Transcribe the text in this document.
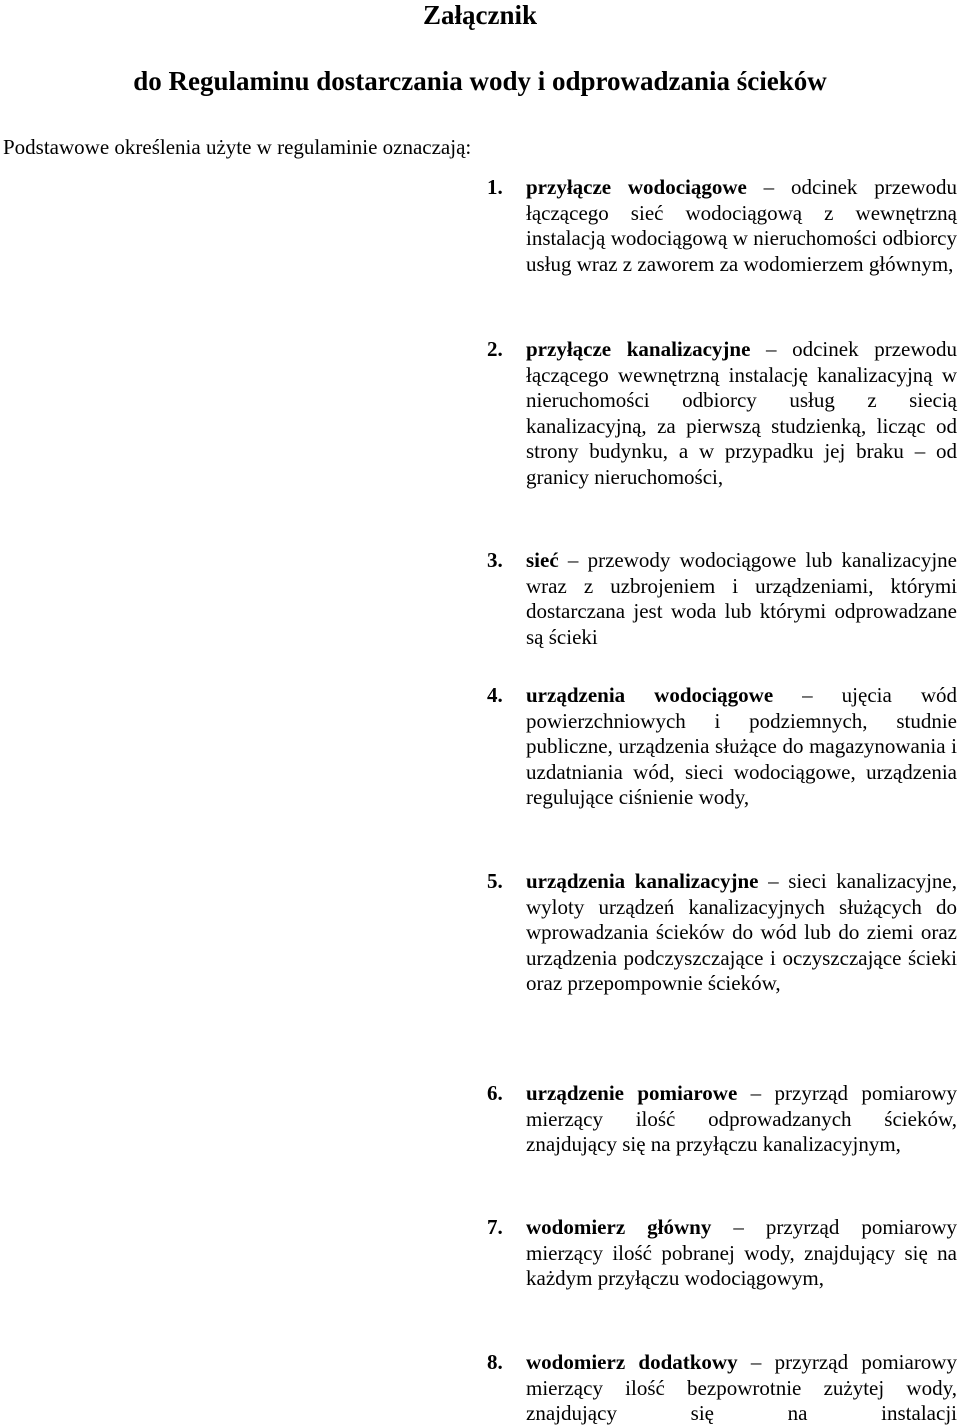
Załącznik
do Regulaminu dostarczania wody i odprowadzania ścieków

Podstawowe określenia użyte w regulaminie oznaczają:

1. przyłącze wodociągowe – odcinek przewodu łączącego sieć wodociągową z wewnętrzną instalacją wodociągową w nieruchomości odbiorcy usług wraz z zaworem za wodomierzem głównym,
2. przyłącze kanalizacyjne – odcinek przewodu łączącego wewnętrzną instalację kanalizacyjną w nieruchomości odbiorcy usług z siecią kanalizacyjną, za pierwszą studzienką, licząc od strony budynku, a w przypadku jej braku – od granicy nieruchomości,
3. sieć – przewody wodociągowe lub kanalizacyjne wraz z uzbrojeniem i urządzeniami, którymi dostarczana jest woda lub którymi odprowadzane są ścieki
4. urządzenia wodociągowe – ujęcia wód powierzchniowych i podziemnych, studnie publiczne, urządzenia służące do magazynowania i uzdatniania wód, sieci wodociągowe, urządzenia regulujące ciśnienie wody,
5. urządzenia kanalizacyjne – sieci kanalizacyjne, wyloty urządzeń kanalizacyjnych służących do wprowadzania ścieków do wód lub do ziemi oraz urządzenia podczyszczające i oczyszczające ścieki oraz przepompownie ścieków,
6. urządzenie pomiarowe – przyrząd pomiarowy mierzący ilość odprowadzanych ścieków, znajdujący się na przyłączu kanalizacyjnym,
7. wodomierz główny – przyrząd pomiarowy mierzący ilość pobranej wody, znajdujący się na każdym przyłączu wodociągowym,
8. wodomierz dodatkowy – przyrząd pomiarowy mierzący ilość bezpowrotnie zużytej wody, znajdujący się na instalacji
